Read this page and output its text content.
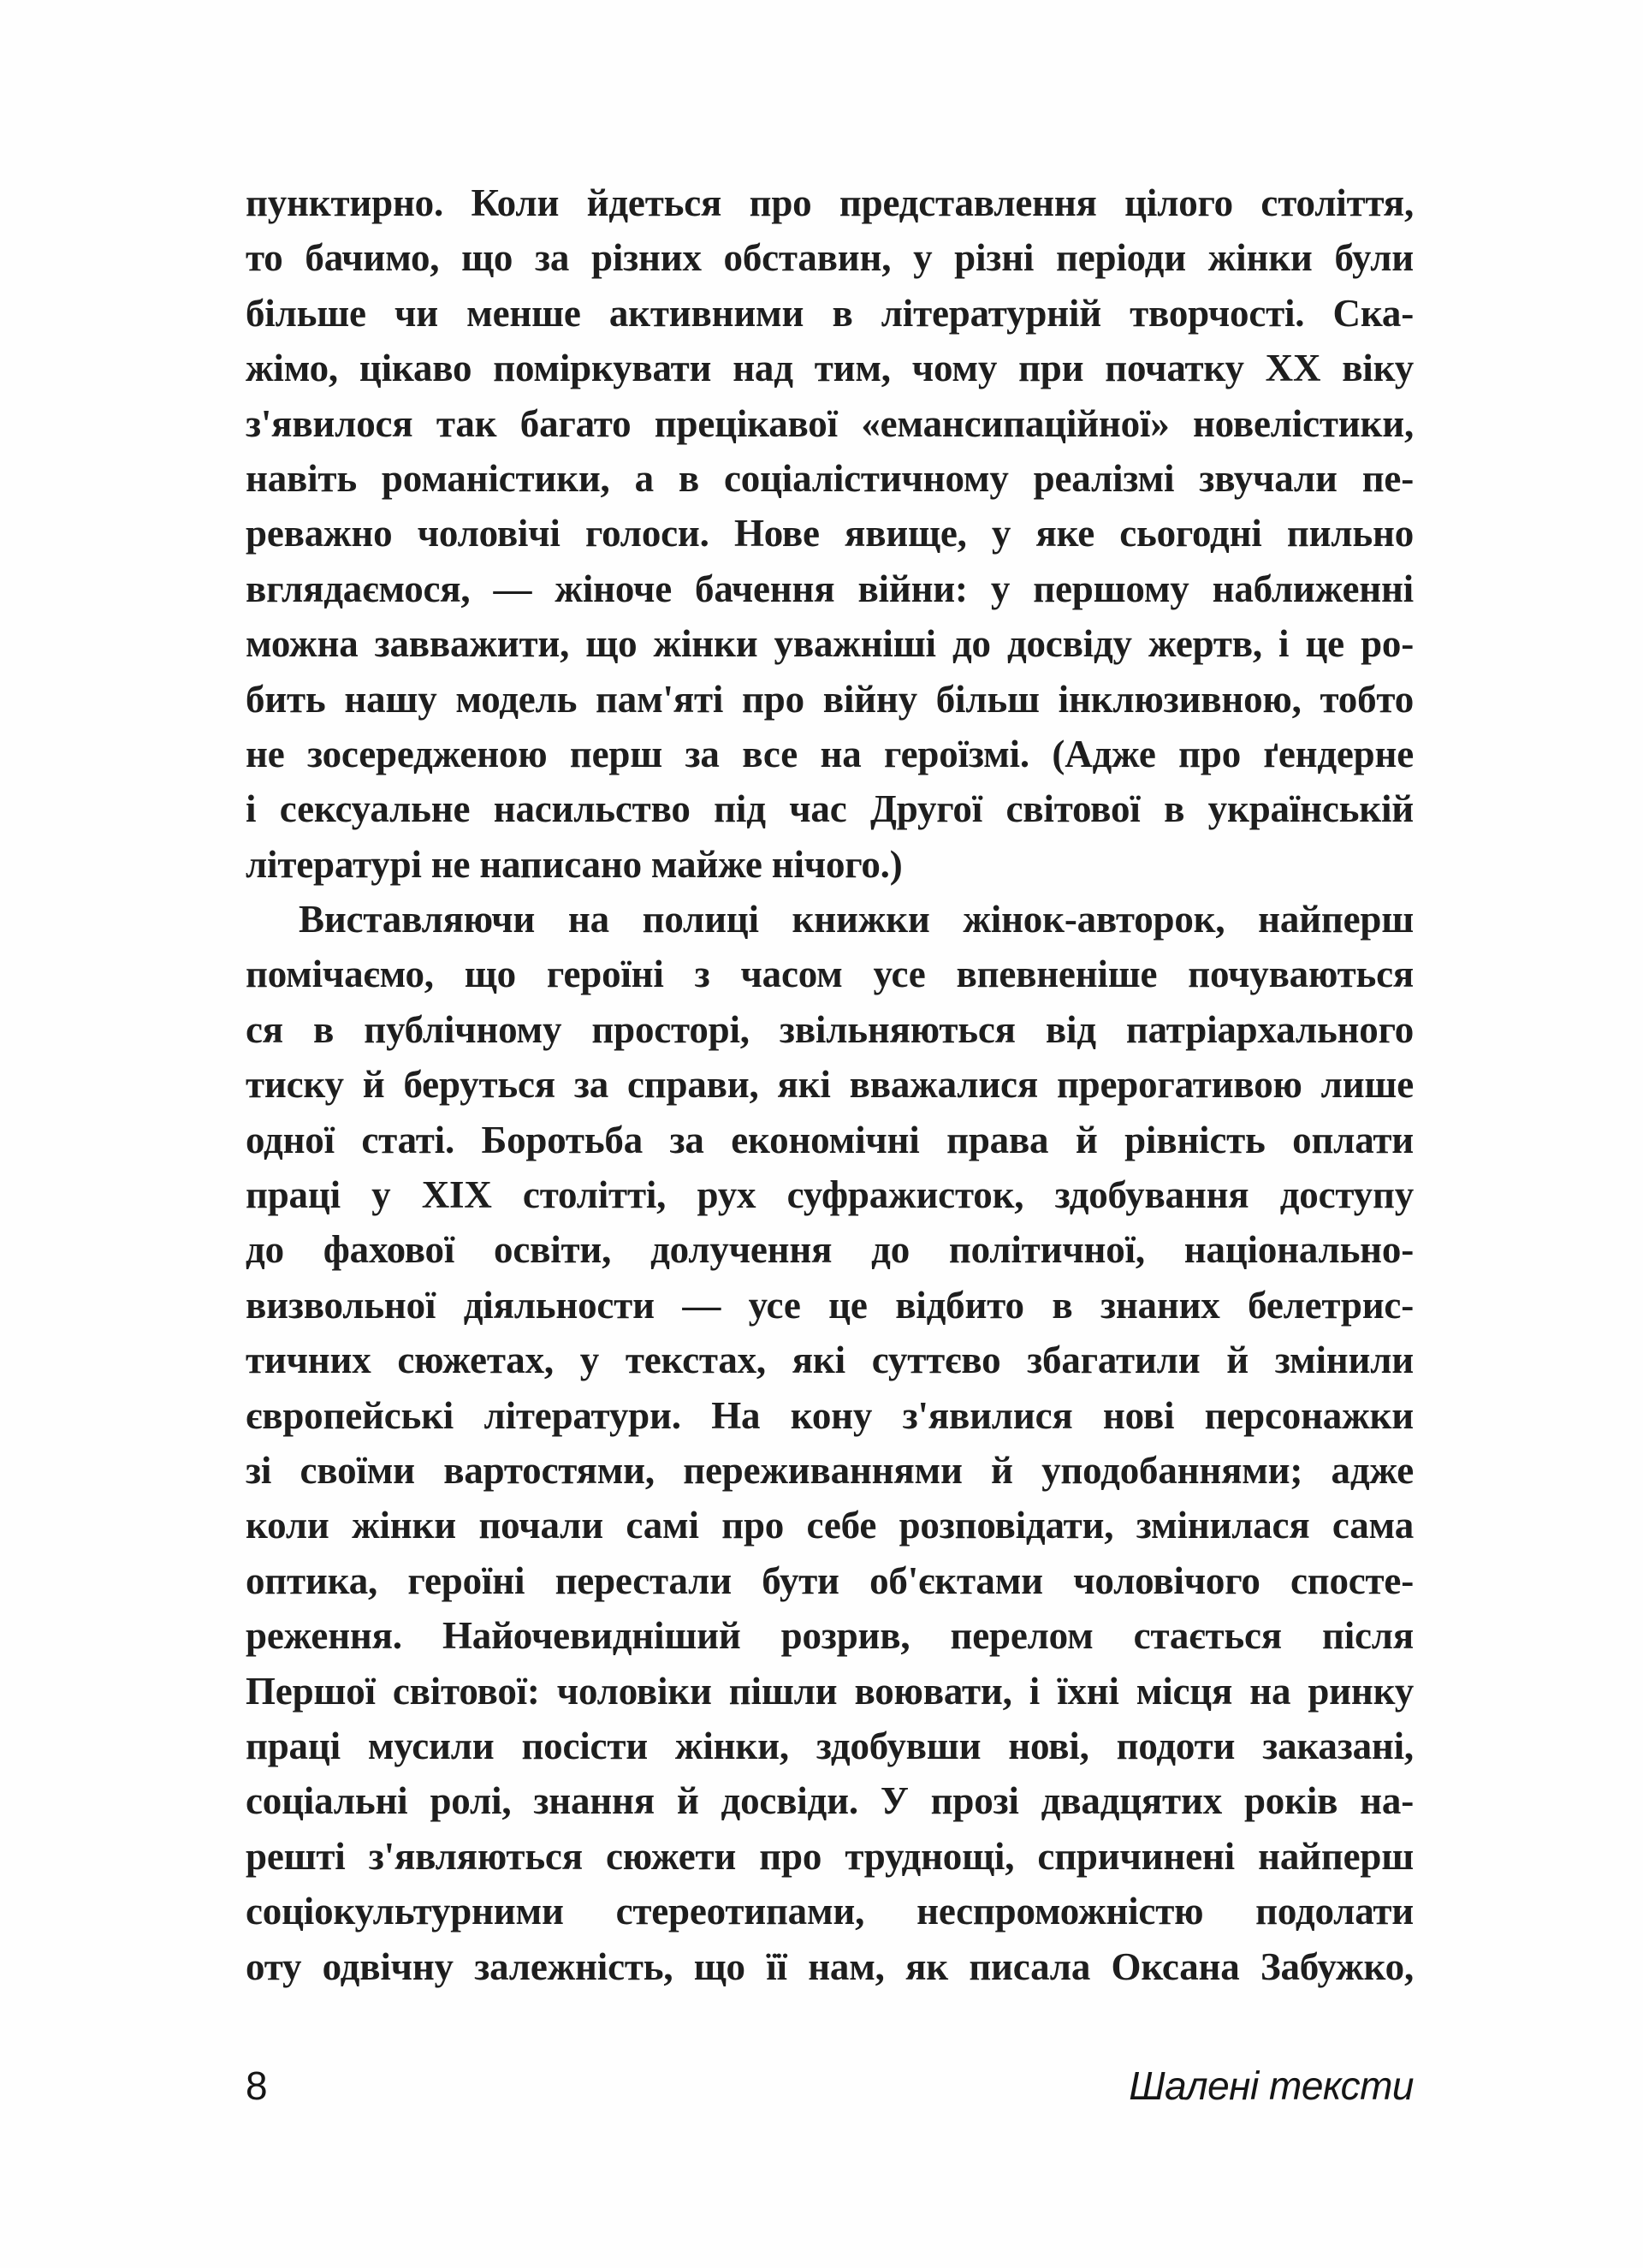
пунктирно. Коли йдеться про представлення цілого століття,
то бачимо, що за різних обставин, у різні періоди жінки були
більше чи менше активними в літературній творчості. Ска-
жімо, цікаво поміркувати над тим, чому при початку XX віку
з'явилося так багато прецікавої «емансипаційної» новелістики,
навіть романістики, а в соціалістичному реалізмі звучали пе-
реважно чоловічі голоси. Нове явище, у яке сьогодні пильно
вглядаємося, — жіноче бачення війни: у першому наближенні
можна завважити, що жінки уважніші до досвіду жертв, і це ро-
бить нашу модель пам'яті про війну більш інклюзивною, тобто
не зосередженою перш за все на героїзмі. (Адже про ґендерне
і сексуальне насильство під час Другої світової в українській
літературі не написано майже нічого.)
Виставляючи на полиці книжки жінок-авторок, найперш
помічаємо, що героїні з часом усе впевненіше почуваються
ся в публічному просторі, звільняються від патріархального
тиску й беруться за справи, які вважалися прерогативою лише
одної статі. Боротьба за економічні права й рівність оплати
праці у XIX столітті, рух суфражисток, здобування доступу
до фахової освіти, долучення до політичної, національно-
визвольної діяльности — усе це відбито в знаних белетрис-
тичних сюжетах, у текстах, які суттєво збагатили й змінили
європейські літератури. На кону з'явилися нові персонажки
зі своїми вартостями, переживаннями й уподобаннями; адже
коли жінки почали самі про себе розповідати, змінилася сама
оптика, героїні перестали бути об'єктами чоловічого спосте-
реження. Найочевидніший розрив, перелом стається після
Першої світової: чоловіки пішли воювати, і їхні місця на ринку
праці мусили посісти жінки, здобувши нові, подоти заказані,
соціальні ролі, знання й досвіди. У прозі двадцятих років на-
решті з'являються сюжети про труднощі, спричинені найперш
соціокультурними стереотипами, неспроможністю подолати
оту одвічну залежність, що її нам, як писала Оксана Забужко,
8	Шалені тексти
